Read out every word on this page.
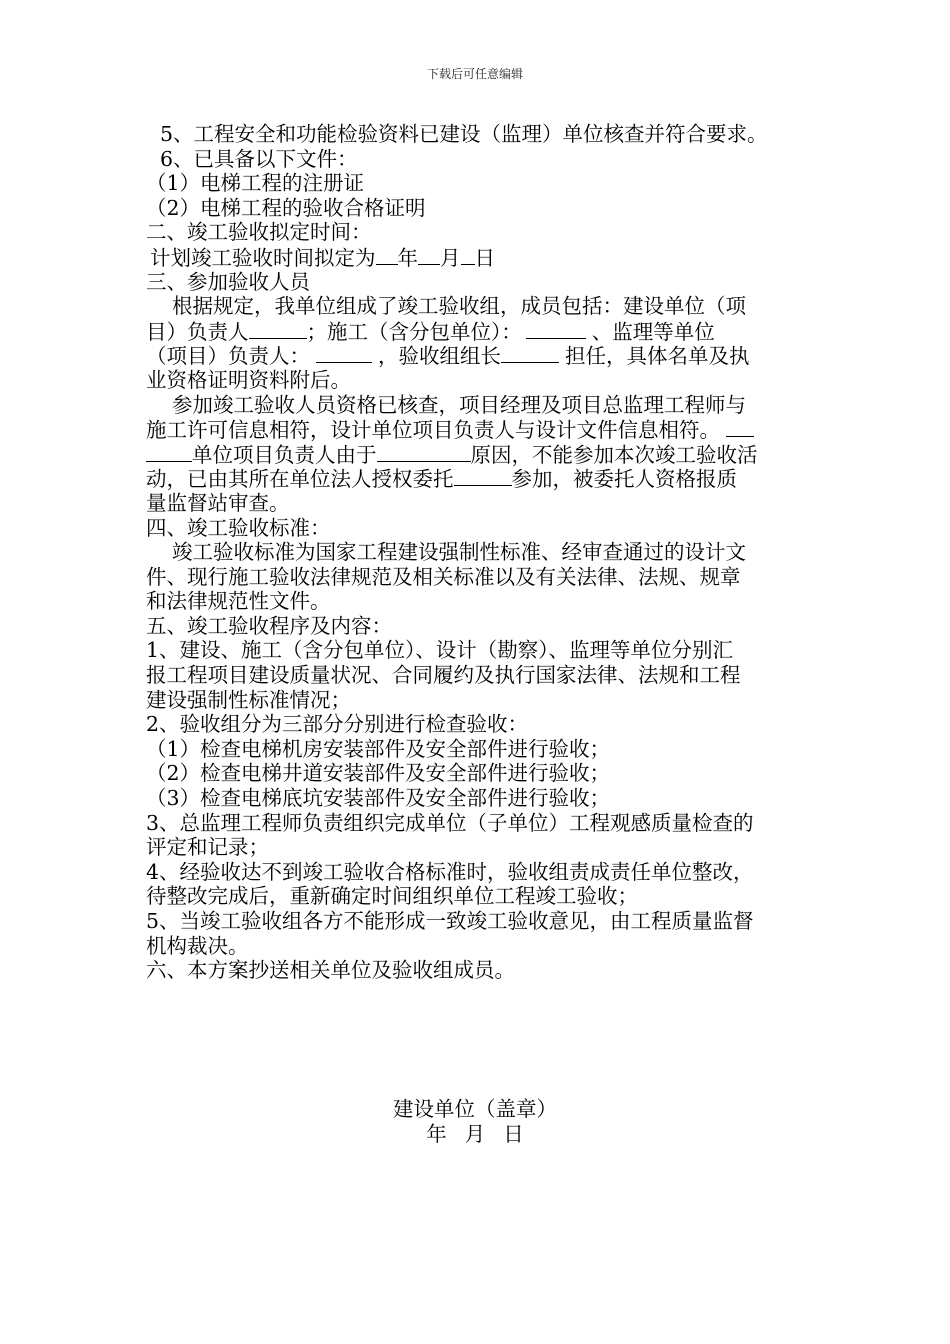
下载后可任意编辑
5、工程安全和功能检验资料已建设（监理）单位核查并符合要求。
6、已具备以下文件：
（1）电梯工程的注册证
（2）电梯工程的验收合格证明
二、竣工验收拟定时间：
计划竣工验收时间拟定为 年 月 日
三、参加验收人员
根据规定，我单位组成了竣工验收组，成员包括：建设单位（项
目）负责人	；施工（含分包单位）：	、监理等单位
（项目）负责人：	，验收组组长	担任，具体名单及执
业资格证明资料附后。
参加竣工验收人员资格已核查，项目经理及项目总监理工程师与
施工许可信息相符，设计单位项目负责人与设计文件信息相符。
单位项目负责人由于	原因，不能参加本次竣工验收活
动，已由其所在单位法人授权委托	参加，被委托人资格报质
量监督站审查。
四、竣工验收标准：
竣工验收标准为国家工程建设强制性标准、经审查通过的设计文
件、现行施工验收法律规范及相关标准以及有关法律、法规、规章
和法律规范性文件。
五、竣工验收程序及内容：
1、建设、施工（含分包单位）、设计（勘察）、监理等单位分别汇
报工程项目建设质量状况、合同履约及执行国家法律、法规和工程
建设强制性标准情况；
2、验收组分为三部分分别进行检查验收：
（1）检查电梯机房安装部件及安全部件进行验收；
（2）检查电梯井道安装部件及安全部件进行验收；
（3）检查电梯底坑安装部件及安全部件进行验收；
3、总监理工程师负责组织完成单位（子单位）工程观感质量检查的
评定和记录；
4、经验收达不到竣工验收合格标准时，验收组责成责任单位整改，
待整改完成后，重新确定时间组织单位工程竣工验收；
5、当竣工验收组各方不能形成一致竣工验收意见，由工程质量监督
机构裁决。
六、本方案抄送相关单位及验收组成员。
建设单位（盖章）
年 月 日
